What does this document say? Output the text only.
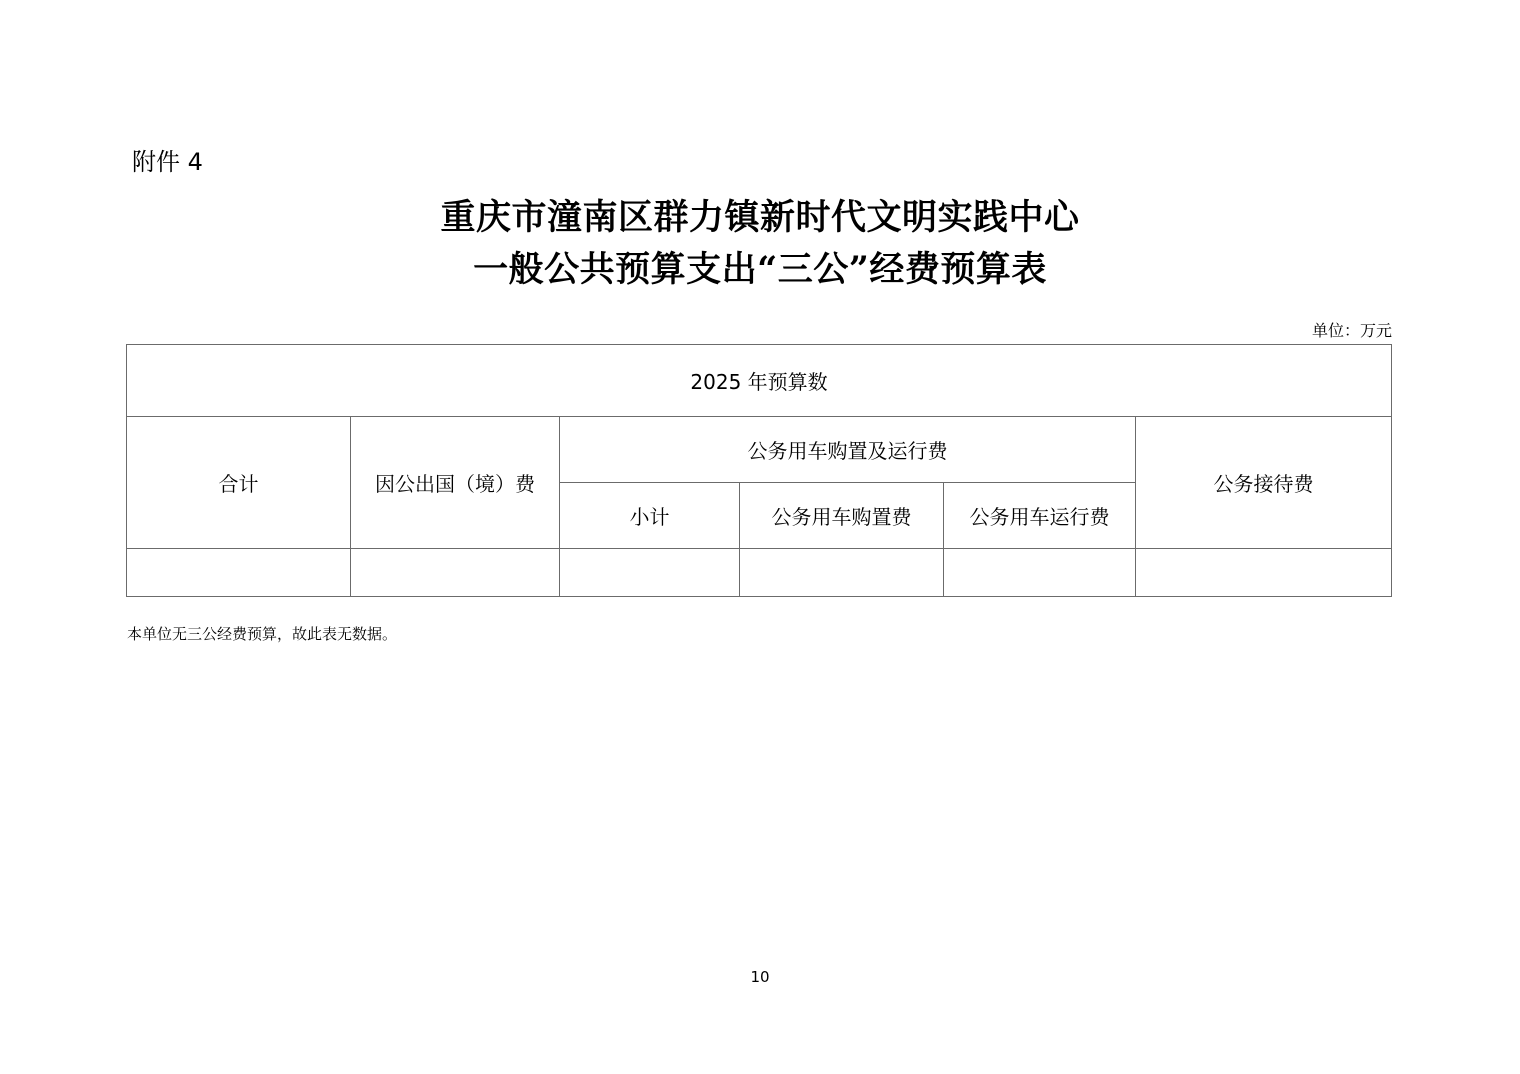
附件 4
重庆市潼南区群力镇新时代文明实践中心
一般公共预算支出“三公”经费预算表
单位：万元
2025 年预算数					
合计	因公出国（境）费	公务用车购置及运行费			公务接待费
		小计	公务用车购置费	公务用车运行费	

本单位无三公经费预算，故此表无数据。
10
